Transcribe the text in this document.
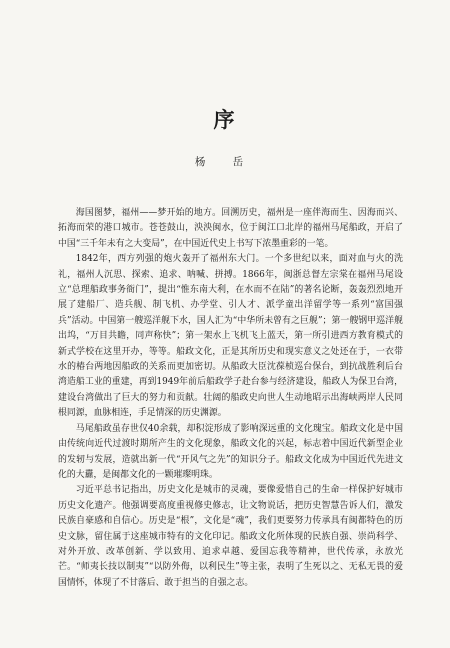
序
杨 岳

海国图梦，福州——梦开始的地方。回溯历史，福州是一座伴海而生、因海而兴、拓海而荣的港口城市。苍苍鼓山，泱泱闽水，位于闽江口北岸的福州马尾船政，开启了中国“三千年未有之大变局”，在中国近代史上书写下浓墨重彩的一笔。

1842年，西方列强的炮火轰开了福州东大门。一个多世纪以来，面对血与火的洗礼，福州人沉思、探索、追求、呐喊、拼搏。1866年，闽浙总督左宗棠在福州马尾设立“总理船政事务衙门”，提出“惟东南大利，在水而不在陆”的著名论断，轰轰烈烈地开展了建船厂、造兵舰、制飞机、办学堂、引人才、派学童出洋留学等一系列“富国强兵”活动。中国第一艘巡洋舰下水，国人汇为“中华所未曾有之巨舰”；第一艘钢甲巡洋舰出坞，“万目共瞻，同声称快”；第一架水上飞机飞上蓝天，第一所引进西方教育模式的新式学校在这里开办，等等。船政文化，正是其所历史和现实意义之处还在于，一衣带水的椿台两地因船政的关系而更加密切。从船政大臣沈葆桢巡台保台，到抗战胜利后台湾造船工业的重建，再到1949年前后船政学子赴台参与经济建设，船政人为保卫台湾，建设台湾做出了巨大的努力和贡献。壮阔的船政史向世人生动地昭示出海峡两岸人民同根同源，血脉相连，手足情深的历史渊源。

马尾船政虽存世仅40余载，却积淀形成了影响深远重的文化瑰宝。船政文化是中国由传统向近代过渡时期所产生的文化现象，船政文化的兴起，标志着中国近代新型企业的发轫与发展，造就出新一代“开风气之先”的知识分子。船政文化成为中国近代先进文化的大纛，是闽都文化的一颗璀璨明珠。

习近平总书记指出，历史文化是城市的灵魂，要像爱惜自己的生命一样保护好城市历史文化遗产。他强调要高度重视修史修志，让文物说话，把历史智慧告诉人们，激发民族自豪感和自信心。历史是“根”，文化是“魂”，我们更要努力传承具有闽都特色的历史文脉，留住属于这座城市特有的文化印记。船政文化所体现的民族自强、崇尚科学、对外开放、改革创新、学以致用、追求卓越、爱国忘我等精神，世代传承，永放光芒。“师夷长技以制夷”“以防外侮，以利民生”等主张，表明了生死以之、无私无畏的爱国情怀，体现了不甘落后、敢于担当的自强之志。
